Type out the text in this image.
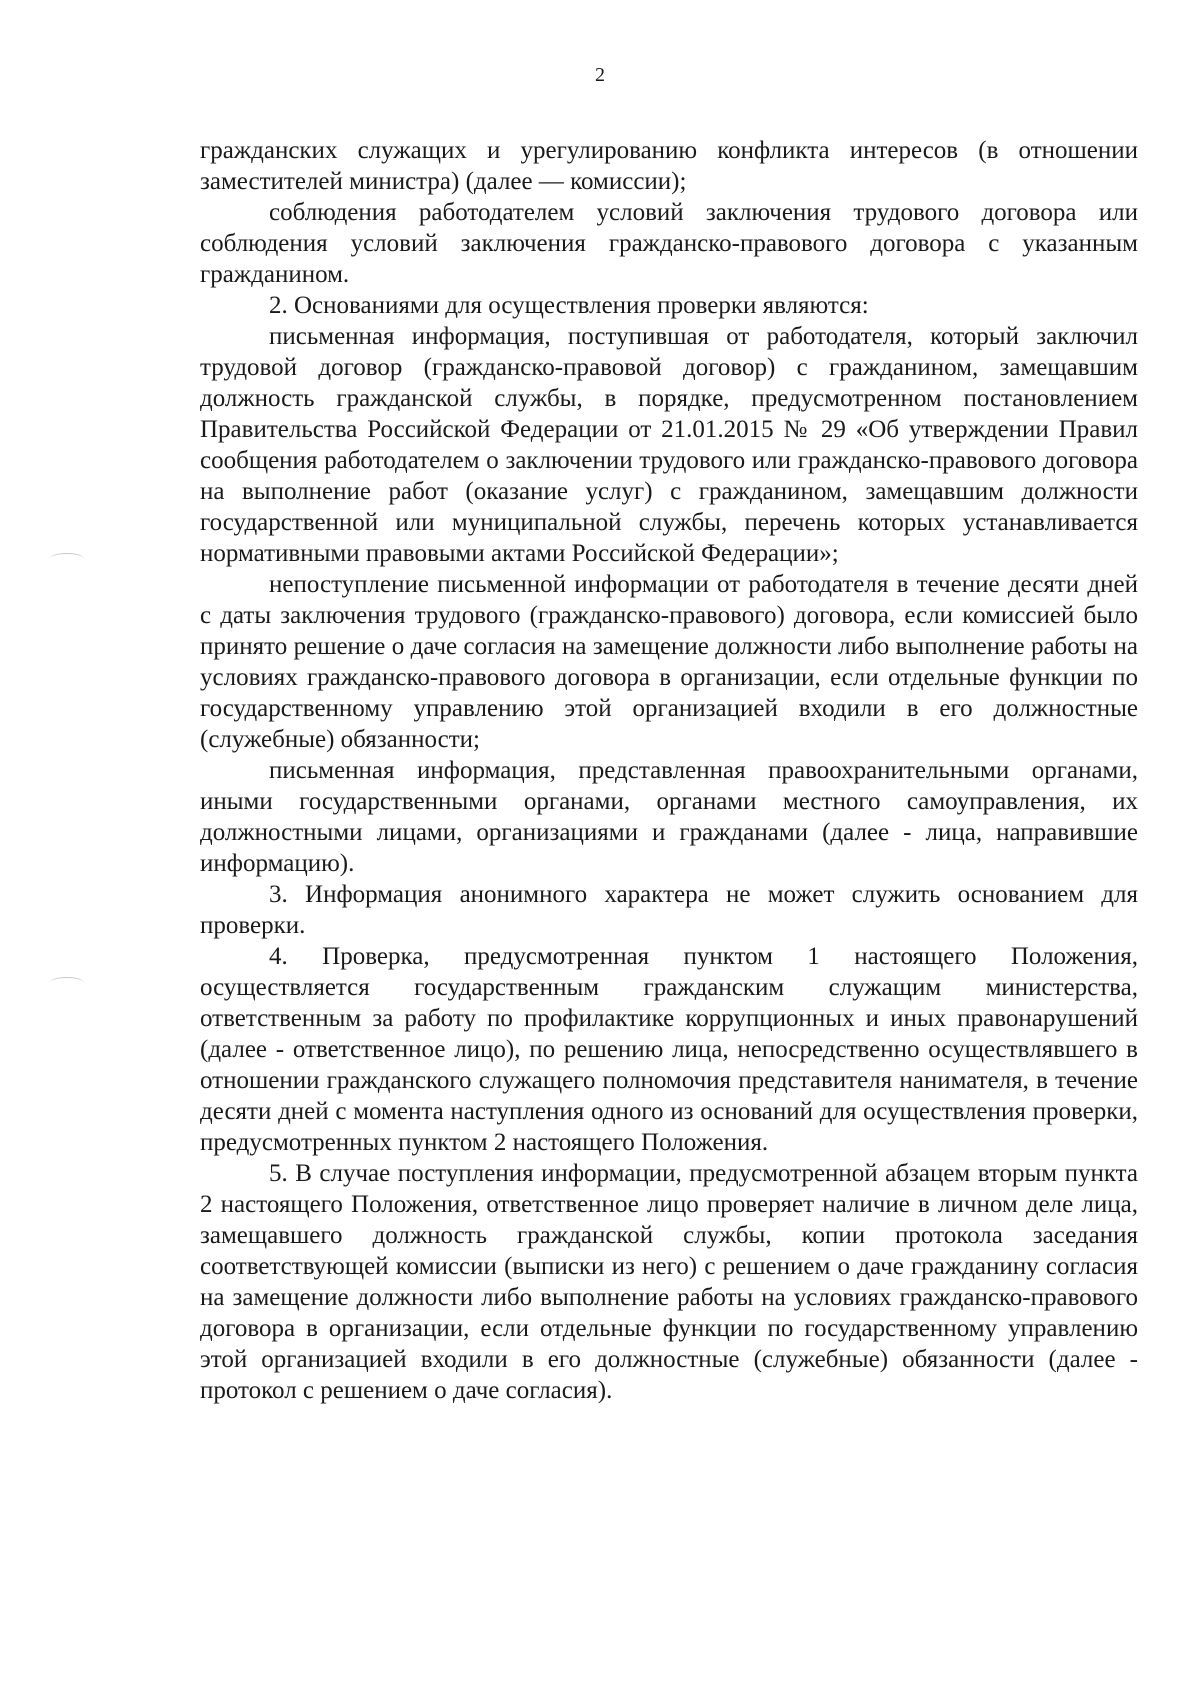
2

гражданских служащих и урегулированию конфликта интересов (в отношении заместителей министра) (далее — комиссии);

соблюдения работодателем условий заключения трудового договора или соблюдения условий заключения гражданско-правового договора с указанным гражданином.

2. Основаниями для осуществления проверки являются:

письменная информация, поступившая от работодателя, который заключил трудовой договор (гражданско-правовой договор) с гражданином, замещавшим должность гражданской службы, в порядке, предусмотренном постановлением Правительства Российской Федерации от 21.01.2015 № 29 «Об утверждении Правил сообщения работодателем о заключении трудового или гражданско-правового договора на выполнение работ (оказание услуг) с гражданином, замещавшим должности государственной или муниципальной службы, перечень которых устанавливается нормативными правовыми актами Российской Федерации»;

непоступление письменной информации от работодателя в течение десяти дней с даты заключения трудового (гражданско-правового) договора, если комиссией было принято решение о даче согласия на замещение должности либо выполнение работы на условиях гражданско-правового договора в организации, если отдельные функции по государственному управлению этой организацией входили в его должностные (служебные) обязанности;

письменная информация, представленная правоохранительными органами, иными государственными органами, органами местного самоуправления, их должностными лицами, организациями и гражданами (далее - лица, направившие информацию).

3. Информация анонимного характера не может служить основанием для проверки.

4. Проверка, предусмотренная пунктом 1 настоящего Положения, осуществляется государственным гражданским служащим министерства, ответственным за работу по профилактике коррупционных и иных правонарушений (далее - ответственное лицо), по решению лица, непосредственно осуществлявшего в отношении гражданского служащего полномочия представителя нанимателя, в течение десяти дней с момента наступления одного из оснований для осуществления проверки, предусмотренных пунктом 2 настоящего Положения.

5. В случае поступления информации, предусмотренной абзацем вторым пункта 2 настоящего Положения, ответственное лицо проверяет наличие в личном деле лица, замещавшего должность гражданской службы, копии протокола заседания соответствующей комиссии (выписки из него) с решением о даче гражданину согласия на замещение должности либо выполнение работы на условиях гражданско-правового договора в организации, если отдельные функции по государственному управлению этой организацией входили в его должностные (служебные) обязанности (далее - протокол с решением о даче согласия).
